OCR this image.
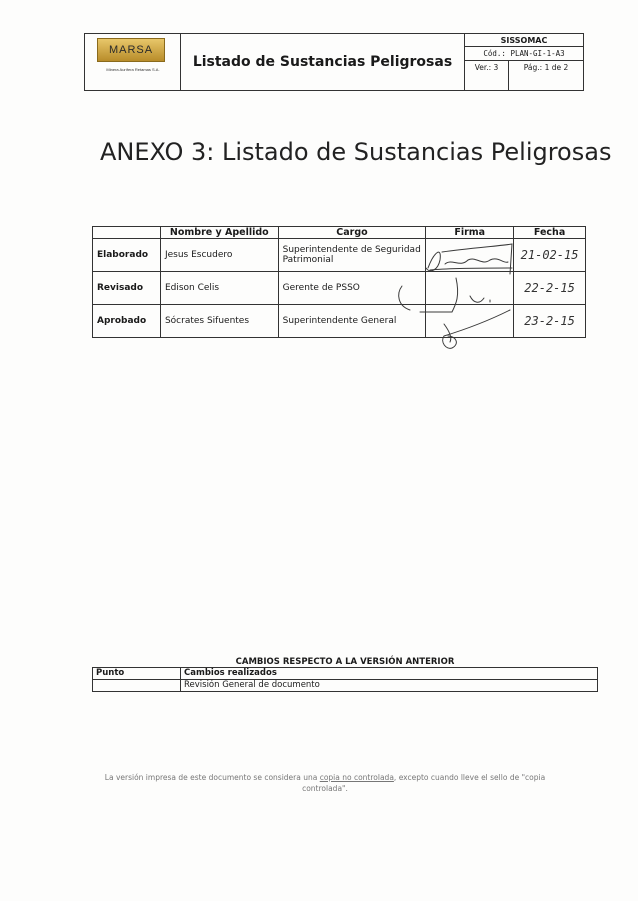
MARSA
Minera Aurífera Retamas S.A.	Listado de Sustancias Peligrosas
SISSOMAC
Cód.: PLAN-GI-1-A3
Ver.: 3	Pág.: 1 de 2
ANEXO 3: Listado de Sustancias Peligrosas
	Nombre y Apellido	Cargo	Firma	Fecha
Elaborado	Jesus Escudero	Superintendente de Seguridad Patrimonial		21-02-15
Revisado	Edison Celis	Gerente de PSSO		22-2-15
Aprobado	Sócrates Sifuentes	Superintendente General		23-2-15
CAMBIOS RESPECTO A LA VERSIÓN ANTERIOR
Punto	Cambios realizados
	Revisión General de documento
La versión impresa de este documento se considera una copia no controlada, excepto cuando lleve el sello de "copia controlada".
